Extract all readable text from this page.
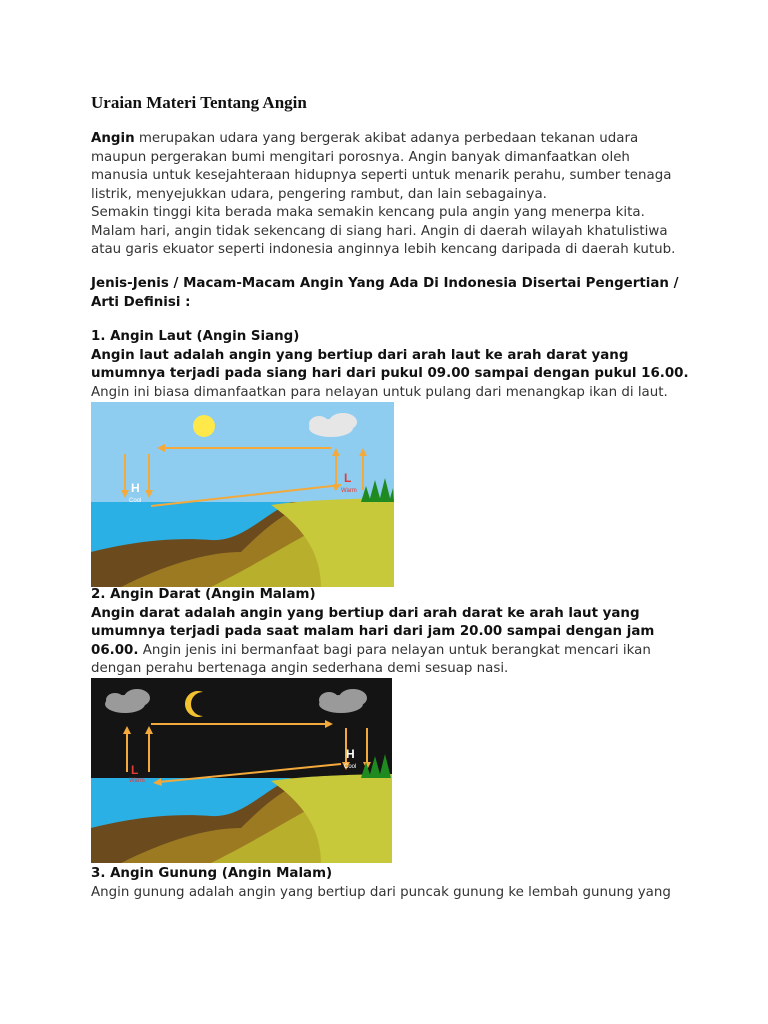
Uraian Materi Tentang Angin

Angin merupakan udara yang bergerak akibat adanya perbedaan tekanan udara maupun pergerakan bumi mengitari porosnya. Angin banyak dimanfaatkan oleh manusia untuk kesejahteraan hidupnya seperti untuk menarik perahu, sumber tenaga listrik, menyejukkan udara, pengering rambut, dan lain sebagainya.

Semakin tinggi kita berada maka semakin kencang pula angin yang menerpa kita.

Malam hari, angin tidak sekencang di siang hari. Angin di daerah wilayah khatulistiwa atau garis ekuator seperti indonesia anginnya lebih kencang daripada di daerah kutub.

Jenis-Jenis / Macam-Macam Angin Yang Ada Di Indonesia Disertai Pengertian / Arti Definisi :

1. Angin Laut (Angin Siang)

Angin laut adalah angin yang bertiup dari arah laut ke arah darat yang umumnya terjadi pada siang hari dari pukul 09.00 sampai dengan pukul 16.00. Angin ini biasa dimanfaatkan para nelayan untuk pulang dari menangkap ikan di laut.

H
Cool
L
Warm

2. Angin Darat (Angin Malam)

Angin darat adalah angin yang bertiup dari arah darat ke arah laut yang umumnya terjadi pada saat malam hari dari jam 20.00 sampai dengan jam 06.00. Angin jenis ini bermanfaat bagi para nelayan untuk berangkat mencari ikan dengan perahu bertenaga angin sederhana demi sesuap nasi.

L
Warm
H
Cool

3. Angin Gunung (Angin Malam)

Angin gunung adalah angin yang bertiup dari puncak gunung ke lembah gunung yang
